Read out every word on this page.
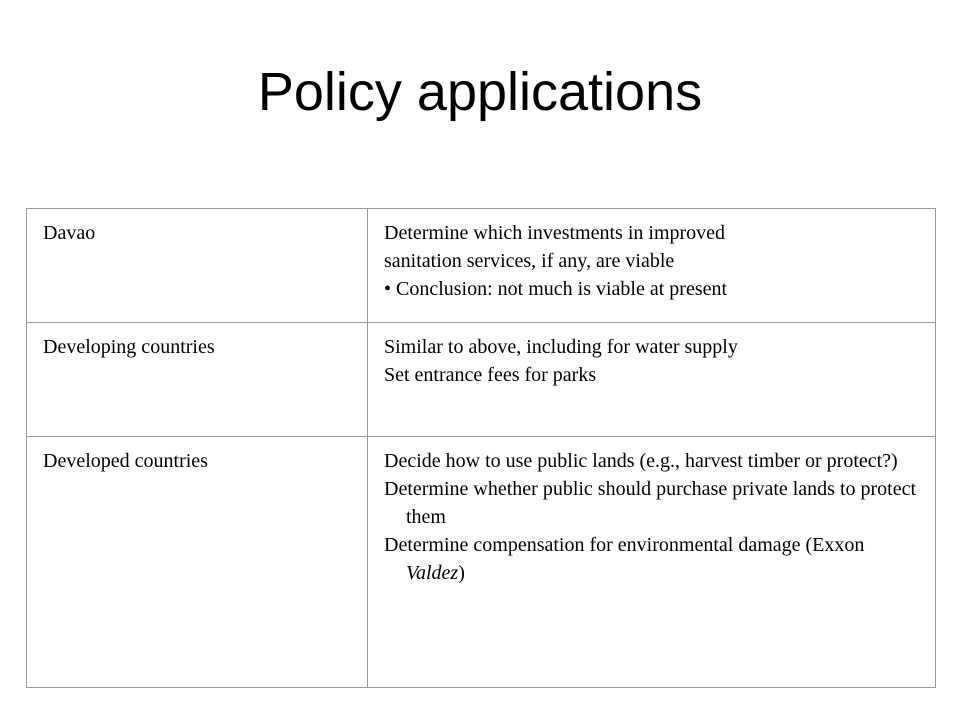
Policy applications
Davao	Determine which investments in improved
sanitation services, if any, are viable
• Conclusion: not much is viable at present

Developing countries	Similar to above, including for water supply
Set entrance fees for parks

Developed countries	Decide how to use public lands (e.g., harvest timber or protect?)
Determine whether public should purchase private lands to protect them
Determine compensation for environmental damage (Exxon Valdez)
